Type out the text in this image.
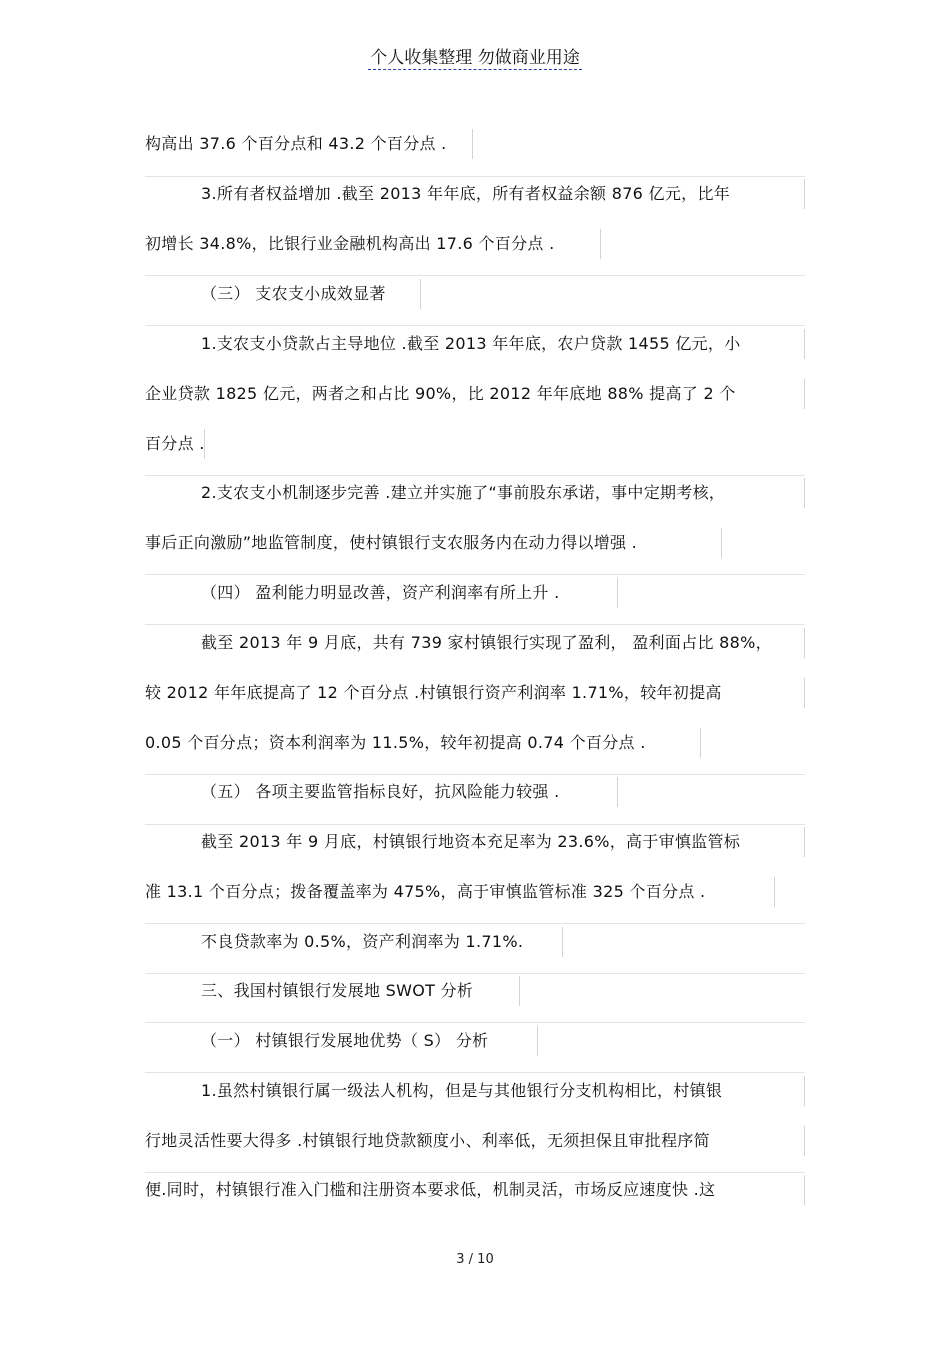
个人收集整理 勿做商业用途
构高出 37.6 个百分点和 43.2 个百分点 .
3.所有者权益增加 .截至 2013 年年底，所有者权益余额 876 亿元，比年
初增长 34.8%，比银行业金融机构高出 17.6 个百分点 .
（三） 支农支小成效显著
1.支农支小贷款占主导地位 .截至 2013 年年底，农户贷款 1455 亿元，小
企业贷款 1825 亿元，两者之和占比 90%，比 2012 年年底地 88% 提高了 2 个
百分点 .
2.支农支小机制逐步完善 .建立并实施了“事前股东承诺，事中定期考核，
事后正向激励”地监管制度，使村镇银行支农服务内在动力得以增强 .
（四） 盈利能力明显改善，资产利润率有所上升 .
截至 2013 年 9 月底，共有 739 家村镇银行实现了盈利， 盈利面占比 88%，
较 2012 年年底提高了 12 个百分点 .村镇银行资产利润率 1.71%，较年初提高
0.05 个百分点；资本利润率为 11.5%，较年初提高 0.74 个百分点 .
（五） 各项主要监管指标良好，抗风险能力较强 .
截至 2013 年 9 月底，村镇银行地资本充足率为 23.6%，高于审慎监管标
准 13.1 个百分点；拨备覆盖率为 475%，高于审慎监管标准 325 个百分点 .
不良贷款率为 0.5%，资产利润率为 1.71%.
三、我国村镇银行发展地 SWOT 分析
（一） 村镇银行发展地优势（ S） 分析
1.虽然村镇银行属一级法人机构，但是与其他银行分支机构相比，村镇银
行地灵活性要大得多 .村镇银行地贷款额度小、利率低，无须担保且审批程序简
便.同时，村镇银行准入门槛和注册资本要求低，机制灵活，市场反应速度快 .这
3 / 10
